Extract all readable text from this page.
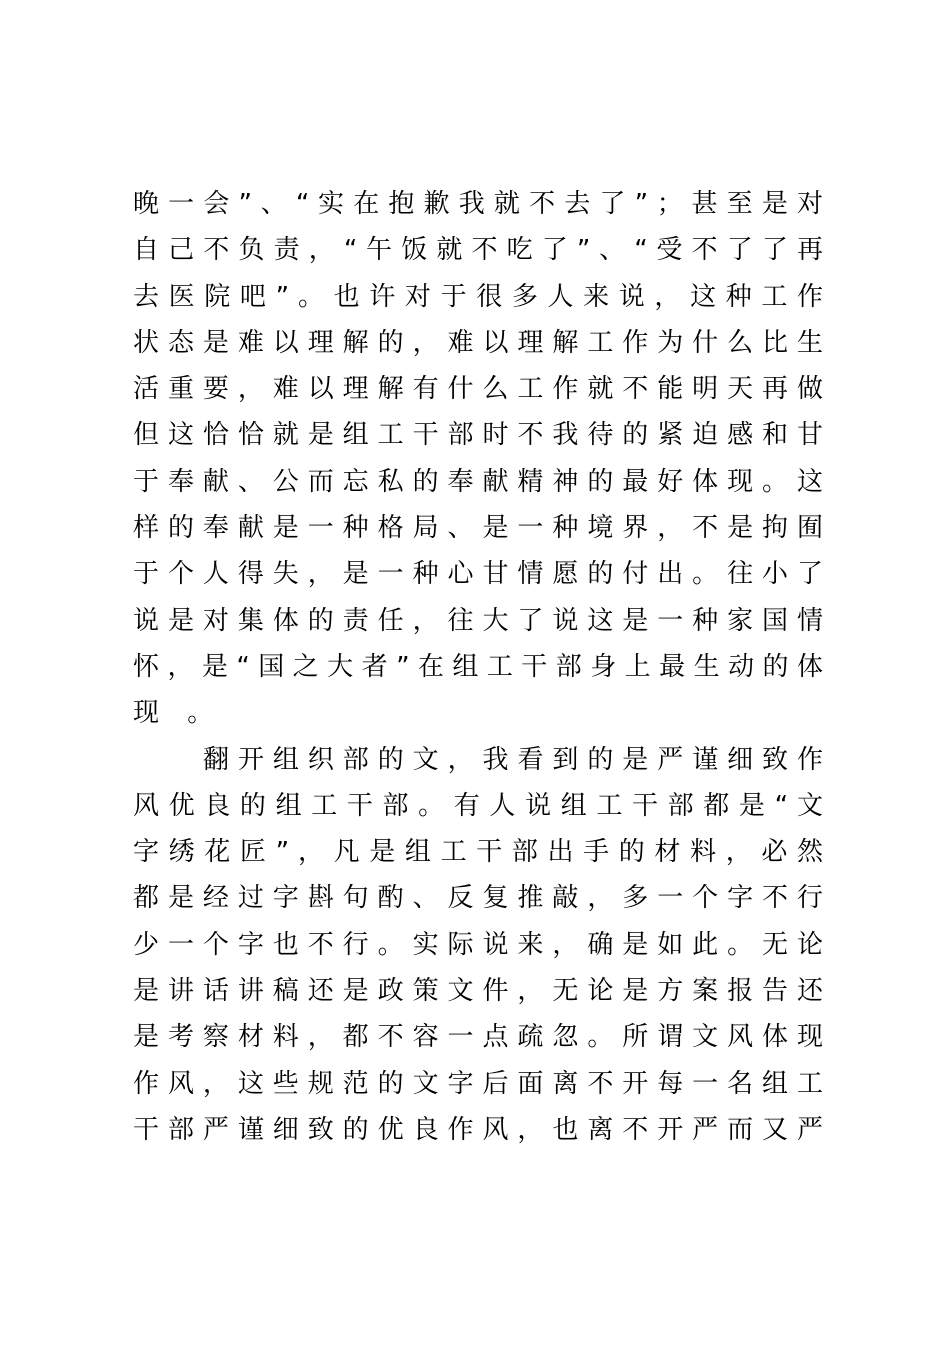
晚 一 会 ” 、 “ 实 在 抱 歉 我 就 不 去 了 ” ； 甚 至 是 对
自 己 不 负 责 ， “ 午 饭 就 不 吃 了 ” 、 “ 受 不 了 了 再
去 医 院 吧 ” 。 也 许 对 于 很 多 人 来 说 ， 这 种 工 作
状 态 是 难 以 理 解 的 ， 难 以 理 解 工 作 为 什 么 比 生
活 重 要 ， 难 以 理 解 有 什 么 工 作 就 不 能 明 天 再 做
但 这 恰 恰 就 是 组 工 干 部 时 不 我 待 的 紧 迫 感 和 甘
于 奉 献 、 公 而 忘 私 的 奉 献 精 神 的 最 好 体 现 。 这
样 的 奉 献 是 一 种 格 局 、 是 一 种 境 界 ， 不 是 拘 囿
于 个 人 得 失 ， 是 一 种 心 甘 情 愿 的 付 出 。 往 小 了
说 是 对 集 体 的 责 任 ， 往 大 了 说 这 是 一 种 家 国 情
怀 ， 是 “ 国 之 大 者 ” 在 组 工 干 部 身 上 最 生 动 的 体
现 。
翻 开 组 织 部 的 文 ， 我 看 到 的 是 严 谨 细 致 作
风 优 良 的 组 工 干 部 。 有 人 说 组 工 干 部 都 是 “ 文
字 绣 花 匠 ” ， 凡 是 组 工 干 部 出 手 的 材 料 ， 必 然
都 是 经 过 字 斟 句 酌 、 反 复 推 敲 ， 多 一 个 字 不 行
少 一 个 字 也 不 行 。 实 际 说 来 ， 确 是 如 此 。 无 论
是 讲 话 讲 稿 还 是 政 策 文 件 ， 无 论 是 方 案 报 告 还
是 考 察 材 料 ， 都 不 容 一 点 疏 忽 。 所 谓 文 风 体 现
作 风 ， 这 些 规 范 的 文 字 后 面 离 不 开 每 一 名 组 工
干 部 严 谨 细 致 的 优 良 作 风 ， 也 离 不 开 严 而 又 严
